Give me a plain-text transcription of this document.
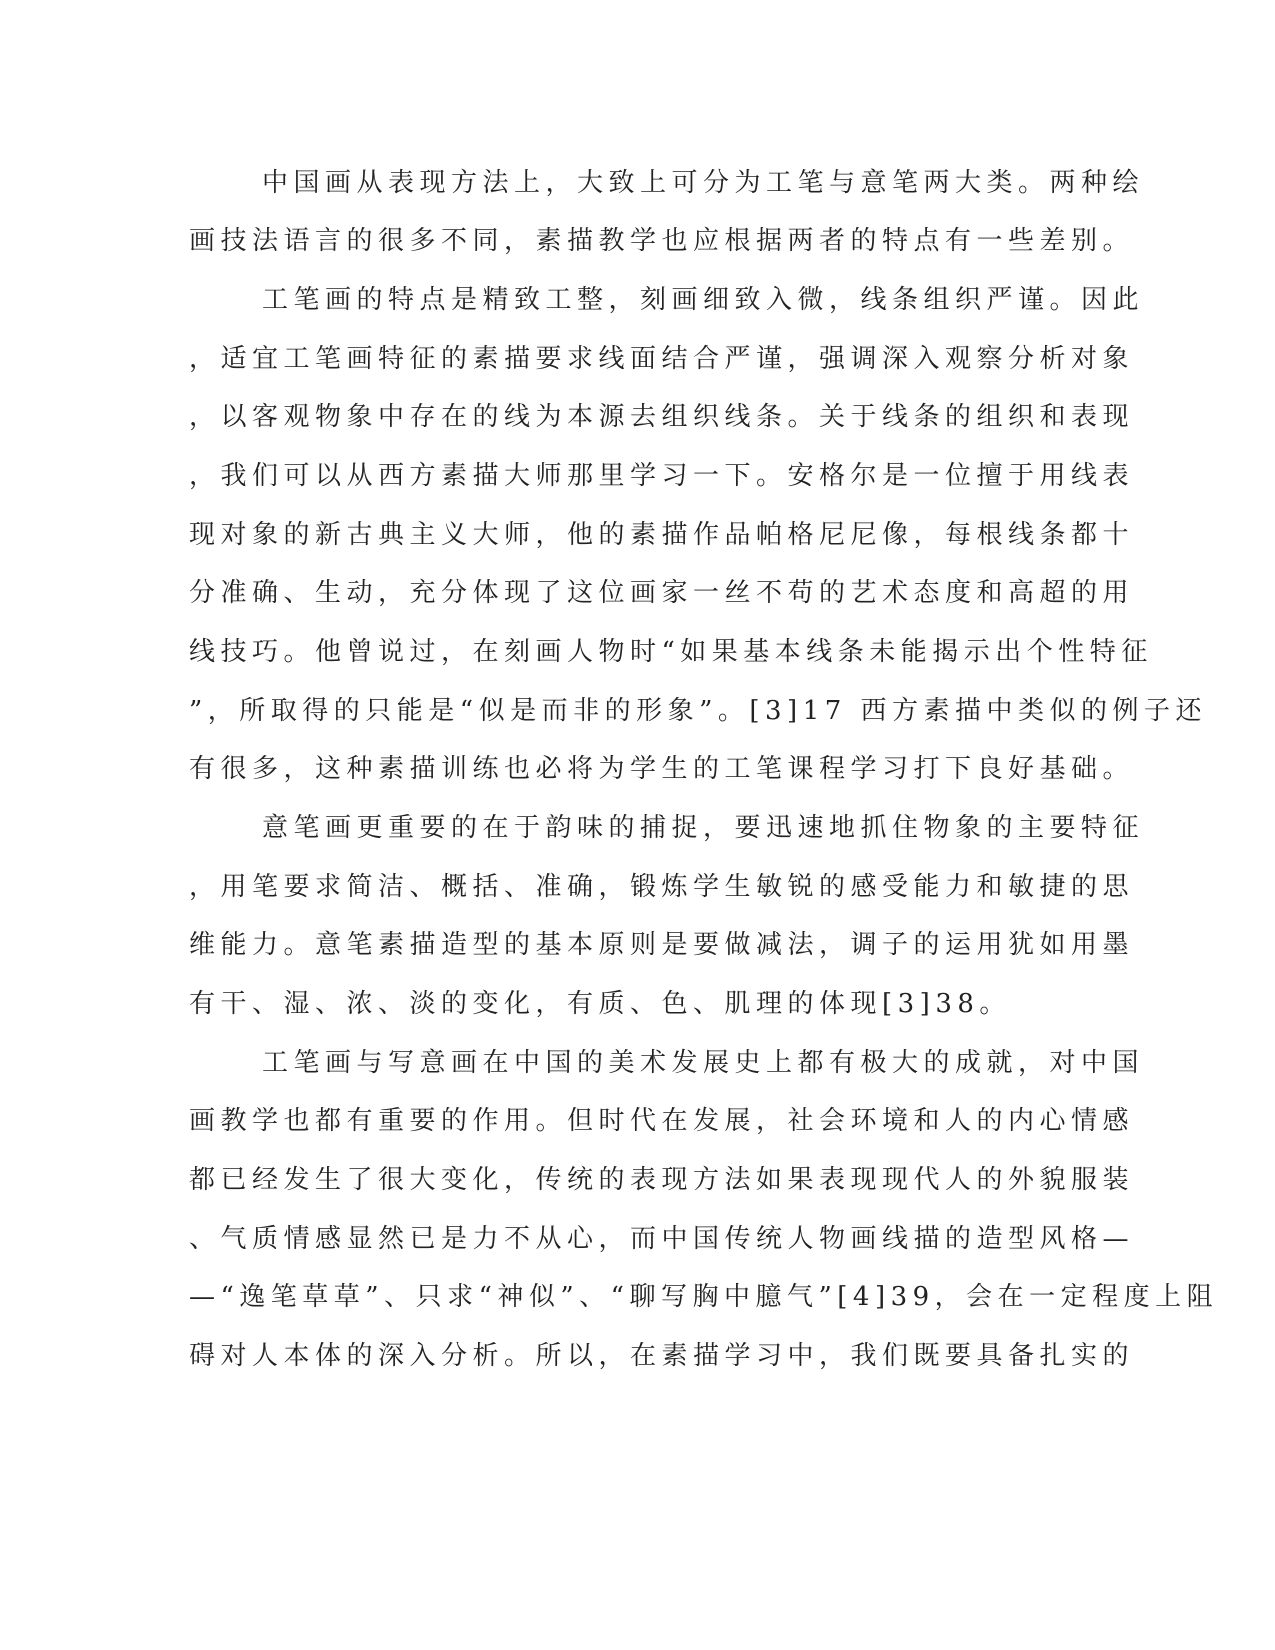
中国画从表现方法上，大致上可分为工笔与意笔两大类。两种绘
画技法语言的很多不同，素描教学也应根据两者的特点有一些差别。
工笔画的特点是精致工整，刻画细致入微，线条组织严谨。因此
，适宜工笔画特征的素描要求线面结合严谨，强调深入观察分析对象
，以客观物象中存在的线为本源去组织线条。关于线条的组织和表现
，我们可以从西方素描大师那里学习一下。安格尔是一位擅于用线表
现对象的新古典主义大师，他的素描作品帕格尼尼像，每根线条都十
分准确、生动，充分体现了这位画家一丝不苟的艺术态度和高超的用
线技巧。他曾说过，在刻画人物时“如果基本线条未能揭示出个性特征
”，所取得的只能是“似是而非的形象”。[3]17 西方素描中类似的例子还
有很多，这种素描训练也必将为学生的工笔课程学习打下良好基础。
意笔画更重要的在于韵味的捕捉，要迅速地抓住物象的主要特征
，用笔要求简洁、概括、准确，锻炼学生敏锐的感受能力和敏捷的思
维能力。意笔素描造型的基本原则是要做减法，调子的运用犹如用墨
有干、湿、浓、淡的变化，有质、色、肌理的体现[3]38。
工笔画与写意画在中国的美术发展史上都有极大的成就，对中国
画教学也都有重要的作用。但时代在发展，社会环境和人的内心情感
都已经发生了很大变化，传统的表现方法如果表现现代人的外貌服装
、气质情感显然已是力不从心，而中国传统人物画线描的造型风格—
—“逸笔草草”、只求“神似”、“聊写胸中臆气”[4]39，会在一定程度上阻
碍对人本体的深入分析。所以，在素描学习中，我们既要具备扎实的
